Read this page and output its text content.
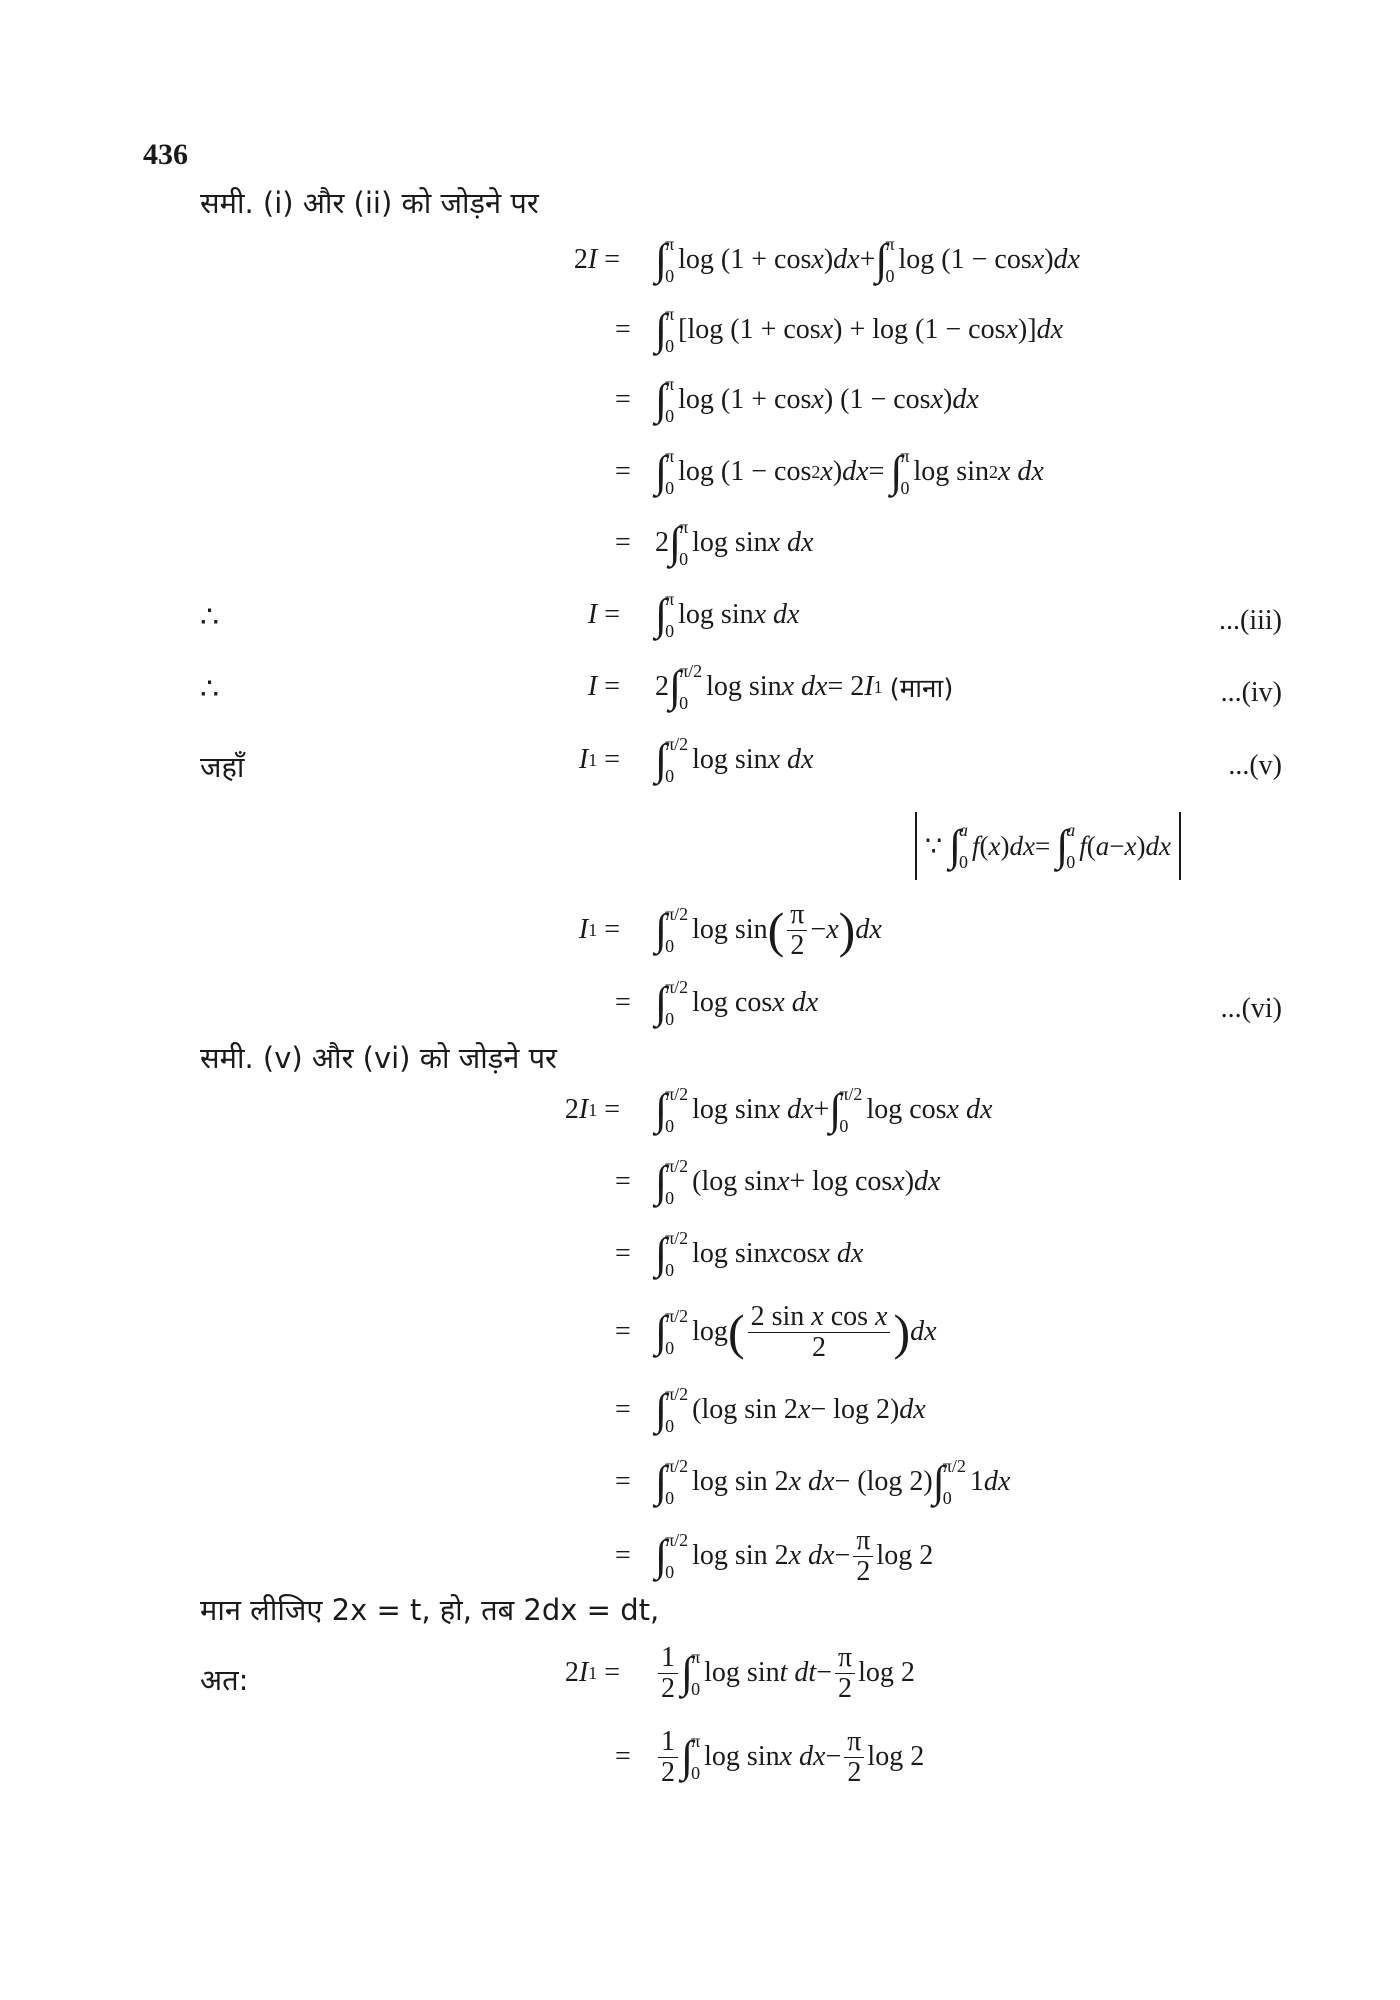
436
समी. (i) और (ii) को जोड़ने पर
2 I = ∫
π
0
log (1 + cos x ) dx + ∫
π
0
log (1 − cos x ) dx
= ∫
π
0
[log (1 + cos x ) + log (1 − cos x )] dx
= ∫
π
0
log (1 + cos x ) (1 − cos x ) dx
= ∫
π
0
log (1 − cos 2 x ) dx = ∫
π
0
log sin 2 x dx
= 2 ∫
π
0
log sin x dx
∴	I = ∫
π
0
log sin x dx	...(iii)
∴	I = 2 ∫
π/2
0
log sin x dx = 2 I 1
(माना)	...(iv)
जहाँ	I 1 = ∫
π/2
0
log sin x dx	...(v)
∵ ∫
a
0
f ( x ) dx = ∫
a
0
f ( a − x ) dx
I 1 = ∫
π/2
0
log sin ( $\frac{\pi}{2} - x$ ) dx
= ∫
π/2
0
log cos x dx	...(vi)
समी. (v) और (vi) को जोड़ने पर
2 I 1 = ∫
π/2
0
log sin x dx + ∫
π/2
0
log cos x dx
= ∫
π/2
0
(log sin x + log cos x ) dx
= ∫
π/2
0
log sin x cos x dx
= ∫
π/2
0
log ( $\frac{\text{2 sin x cos x}}{2}$ ) dx
= ∫
π/2
0
(log sin 2 x − log 2) dx
= ∫
π/2
0
log sin 2 x dx − (log 2) ∫
π/2
0
1 dx
= ∫
π/2
0
log sin 2 x dx − $\frac{\pi}{2}$ log 2
मान लीजिए 2x = t, हो, तब 2dx = dt,
अत:	2 I $1 = \frac{1}{2}$ ∫
π
0
log sin t dt − $\frac{\pi}{2}$ log 2
= $\frac{1}{2}$ ∫
π
0
log sin x dx − $\frac{\pi}{2}$ log 2
